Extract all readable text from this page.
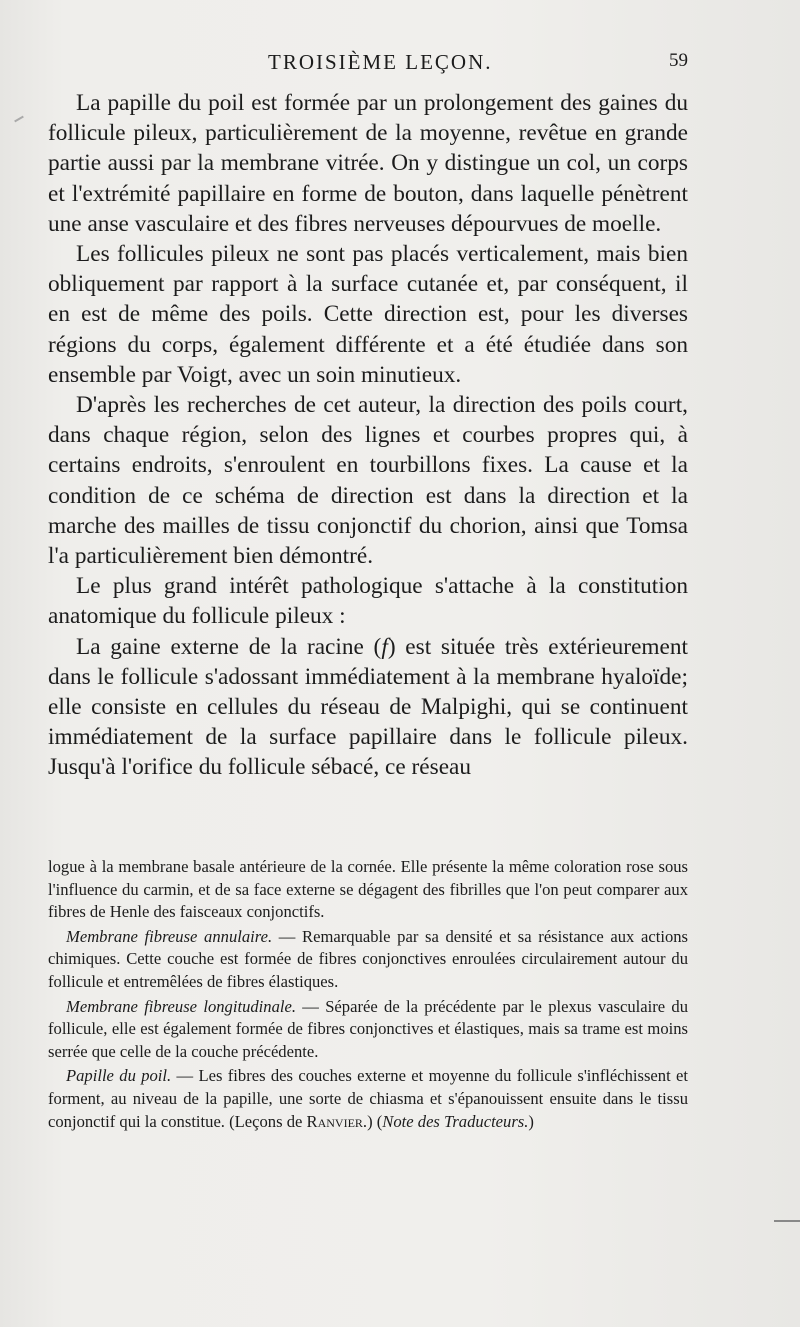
TROISIÈME LEÇON.	59

La papille du poil est formée par un prolongement des gaines du follicule pileux, particulièrement de la moyenne, revêtue en grande partie aussi par la membrane vitrée. On y distingue un col, un corps et l'extrémité papillaire en forme de bouton, dans laquelle pénètrent une anse vasculaire et des fibres nerveuses dépourvues de moelle.

Les follicules pileux ne sont pas placés verticalement, mais bien obliquement par rapport à la surface cutanée et, par conséquent, il en est de même des poils. Cette direction est, pour les diverses régions du corps, également différente et a été étudiée dans son ensemble par Voigt, avec un soin minutieux.

D'après les recherches de cet auteur, la direction des poils court, dans chaque région, selon des lignes et courbes propres qui, à certains endroits, s'enroulent en tourbillons fixes. La cause et la condition de ce schéma de direction est dans la direction et la marche des mailles de tissu conjonctif du chorion, ainsi que Tomsa l'a particulièrement bien démontré.

Le plus grand intérêt pathologique s'attache à la constitution anatomique du follicule pileux :

La gaine externe de la racine (f) est située très extérieurement dans le follicule s'adossant immédiatement à la membrane hyaloïde; elle consiste en cellules du réseau de Malpighi, qui se continuent immédiatement de la surface papillaire dans le follicule pileux. Jusqu'à l'orifice du follicule sébacé, ce réseau

logue à la membrane basale antérieure de la cornée. Elle présente la même coloration rose sous l'influence du carmin, et de sa face externe se dégagent des fibrilles que l'on peut comparer aux fibres de Henle des faisceaux conjonctifs.

Membrane fibreuse annulaire. — Remarquable par sa densité et sa résistance aux actions chimiques. Cette couche est formée de fibres conjonctives enroulées circulairement autour du follicule et entremêlées de fibres élastiques.

Membrane fibreuse longitudinale. — Séparée de la précédente par le plexus vasculaire du follicule, elle est également formée de fibres conjonctives et élastiques, mais sa trame est moins serrée que celle de la couche précédente.

Papille du poil. — Les fibres des couches externe et moyenne du follicule s'infléchissent et forment, au niveau de la papille, une sorte de chiasma et s'épanouissent ensuite dans le tissu conjonctif qui la constitue. (Leçons de Ranvier.) (Note des Traducteurs.)
